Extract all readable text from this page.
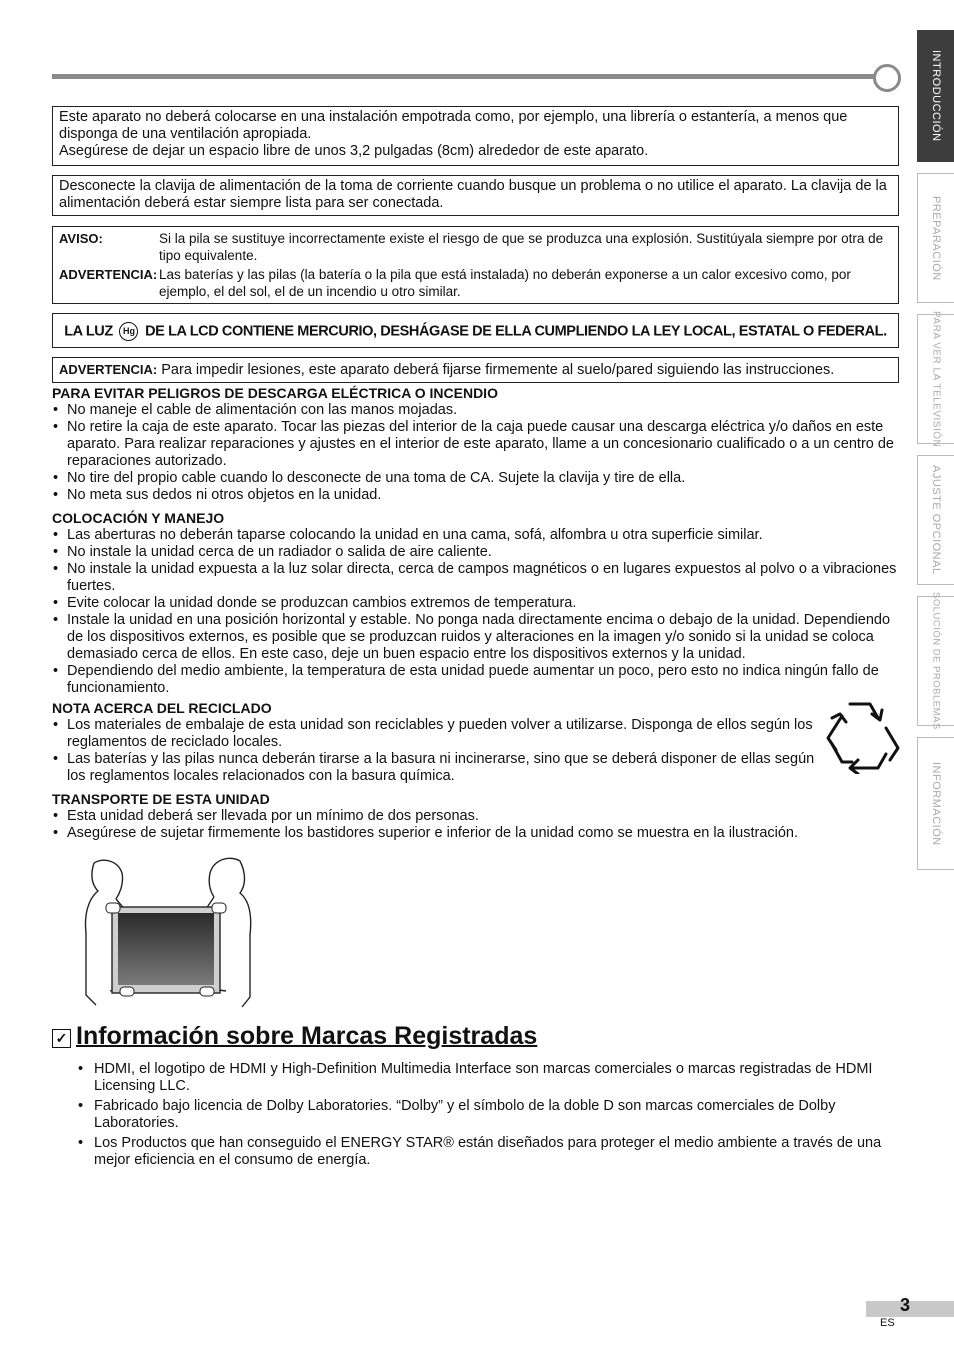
Este aparato no deberá colocarse en una instalación empotrada como, por ejemplo, una librería o estantería, a menos que disponga de una ventilación apropiada.

Asegúrese de dejar un espacio libre de unos 3,2 pulgadas (8cm) alrededor de este aparato.

Desconecte la clavija de alimentación de la toma de corriente cuando busque un problema o no utilice el aparato. La clavija de la alimentación deberá estar siempre lista para ser conectada.

AVISO:	Si la pila se sustituye incorrectamente existe el riesgo de que se produzca una explosión. Sustitúyala siempre por otra de tipo equivalente.
ADVERTENCIA: Las baterías y las pilas (la batería o la pila que está instalada) no deberán exponerse a un calor excesivo como, por ejemplo, el del sol, el de un incendio u otro similar.
LA LUZ Hg DE LA LCD CONTIENE MERCURIO, DESHÁGASE DE ELLA CUMPLIENDO LA LEY LOCAL, ESTATAL O FEDERAL.
ADVERTENCIA: Para impedir lesiones, este aparato deberá fijarse firmemente al suelo/pared siguiendo las instrucciones.
PARA EVITAR PELIGROS DE DESCARGA ELÉCTRICA O INCENDIO
• No maneje el cable de alimentación con las manos mojadas.
• No retire la caja de este aparato. Tocar las piezas del interior de la caja puede causar una descarga eléctrica y/o daños en este aparato. Para realizar reparaciones y ajustes en el interior de este aparato, llame a un concesionario cualificado o a un centro de reparaciones autorizado.
• No tire del propio cable cuando lo desconecte de una toma de CA. Sujete la clavija y tire de ella.
• No meta sus dedos ni otros objetos en la unidad.
COLOCACIÓN Y MANEJO
• Las aberturas no deberán taparse colocando la unidad en una cama, sofá, alfombra u otra superficie similar.
• No instale la unidad cerca de un radiador o salida de aire caliente.
• No instale la unidad expuesta a la luz solar directa, cerca de campos magnéticos o en lugares expuestos al polvo o a vibraciones fuertes.
• Evite colocar la unidad donde se produzcan cambios extremos de temperatura.
• Instale la unidad en una posición horizontal y estable. No ponga nada directamente encima o debajo de la unidad. Dependiendo de los dispositivos externos, es posible que se produzcan ruidos y alteraciones en la imagen y/o sonido si la unidad se coloca demasiado cerca de ellos. En este caso, deje un buen espacio entre los dispositivos externos y la unidad.
• Dependiendo del medio ambiente, la temperatura de esta unidad puede aumentar un poco, pero esto no indica ningún fallo de funcionamiento.
NOTA ACERCA DEL RECICLADO
• Los materiales de embalaje de esta unidad son reciclables y pueden volver a utilizarse. Disponga de ellos según los reglamentos de reciclado locales.
• Las baterías y las pilas nunca deberán tirarse a la basura ni incinerarse, sino que se deberá disponer de ellas según los reglamentos locales relacionados con la basura química.
TRANSPORTE DE ESTA UNIDAD
• Esta unidad deberá ser llevada por un mínimo de dos personas.
• Asegúrese de sujetar firmemente los bastidores superior e inferior de la unidad como se muestra en la ilustración.
✓ Información sobre Marcas Registradas
• HDMI, el logotipo de HDMI y High-Definition Multimedia Interface son marcas comerciales o marcas registradas de HDMI Licensing LLC.
• Fabricado bajo licencia de Dolby Laboratories. “Dolby” y el símbolo de la doble D son marcas comerciales de Dolby Laboratories.
• Los Productos que han conseguido el ENERGY STAR® están diseñados para proteger el medio ambiente a través de una mejor eficiencia en el consumo de energía.
INTRODUCCIÓN
PREPARACIÓN
PARA VER LA TELEVISIÓN
AJUSTE OPCIONAL
SOLUCIÓN DE PROBLEMAS
INFORMACIÓN
3
ES
